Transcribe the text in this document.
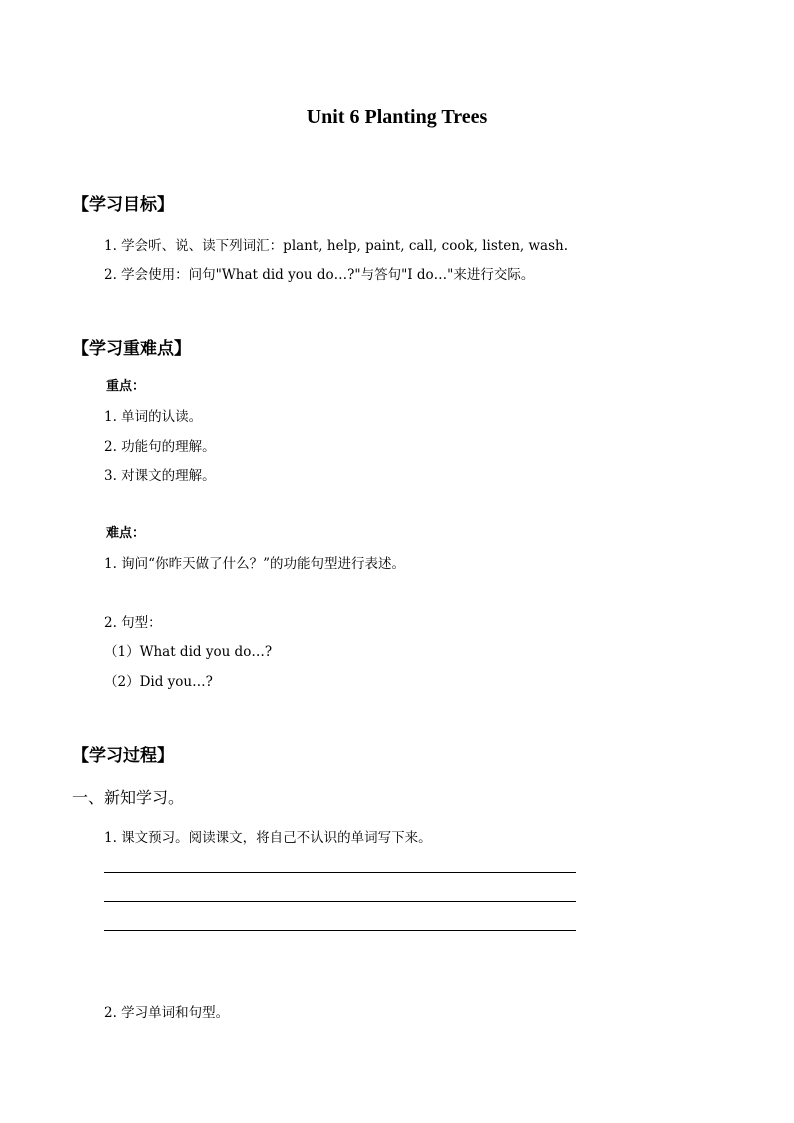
Unit 6 Planting Trees
【学习目标】
1. 学会听、说、读下列词汇：plant, help, paint, call, cook, listen, wash.
2. 学会使用：问句"What did you do…?"与答句"I do…"来进行交际。
【学习重难点】
重点：
1. 单词的认读。
2. 功能句的理解。
3. 对课文的理解。
难点：
1. 询问“你昨天做了什么？”的功能句型进行表述。
2. 句型：
（1）What did you do…?
（2）Did you…?
【学习过程】
一、新知学习。
1. 课文预习。阅读课文，将自己不认识的单词写下来。
2. 学习单词和句型。
